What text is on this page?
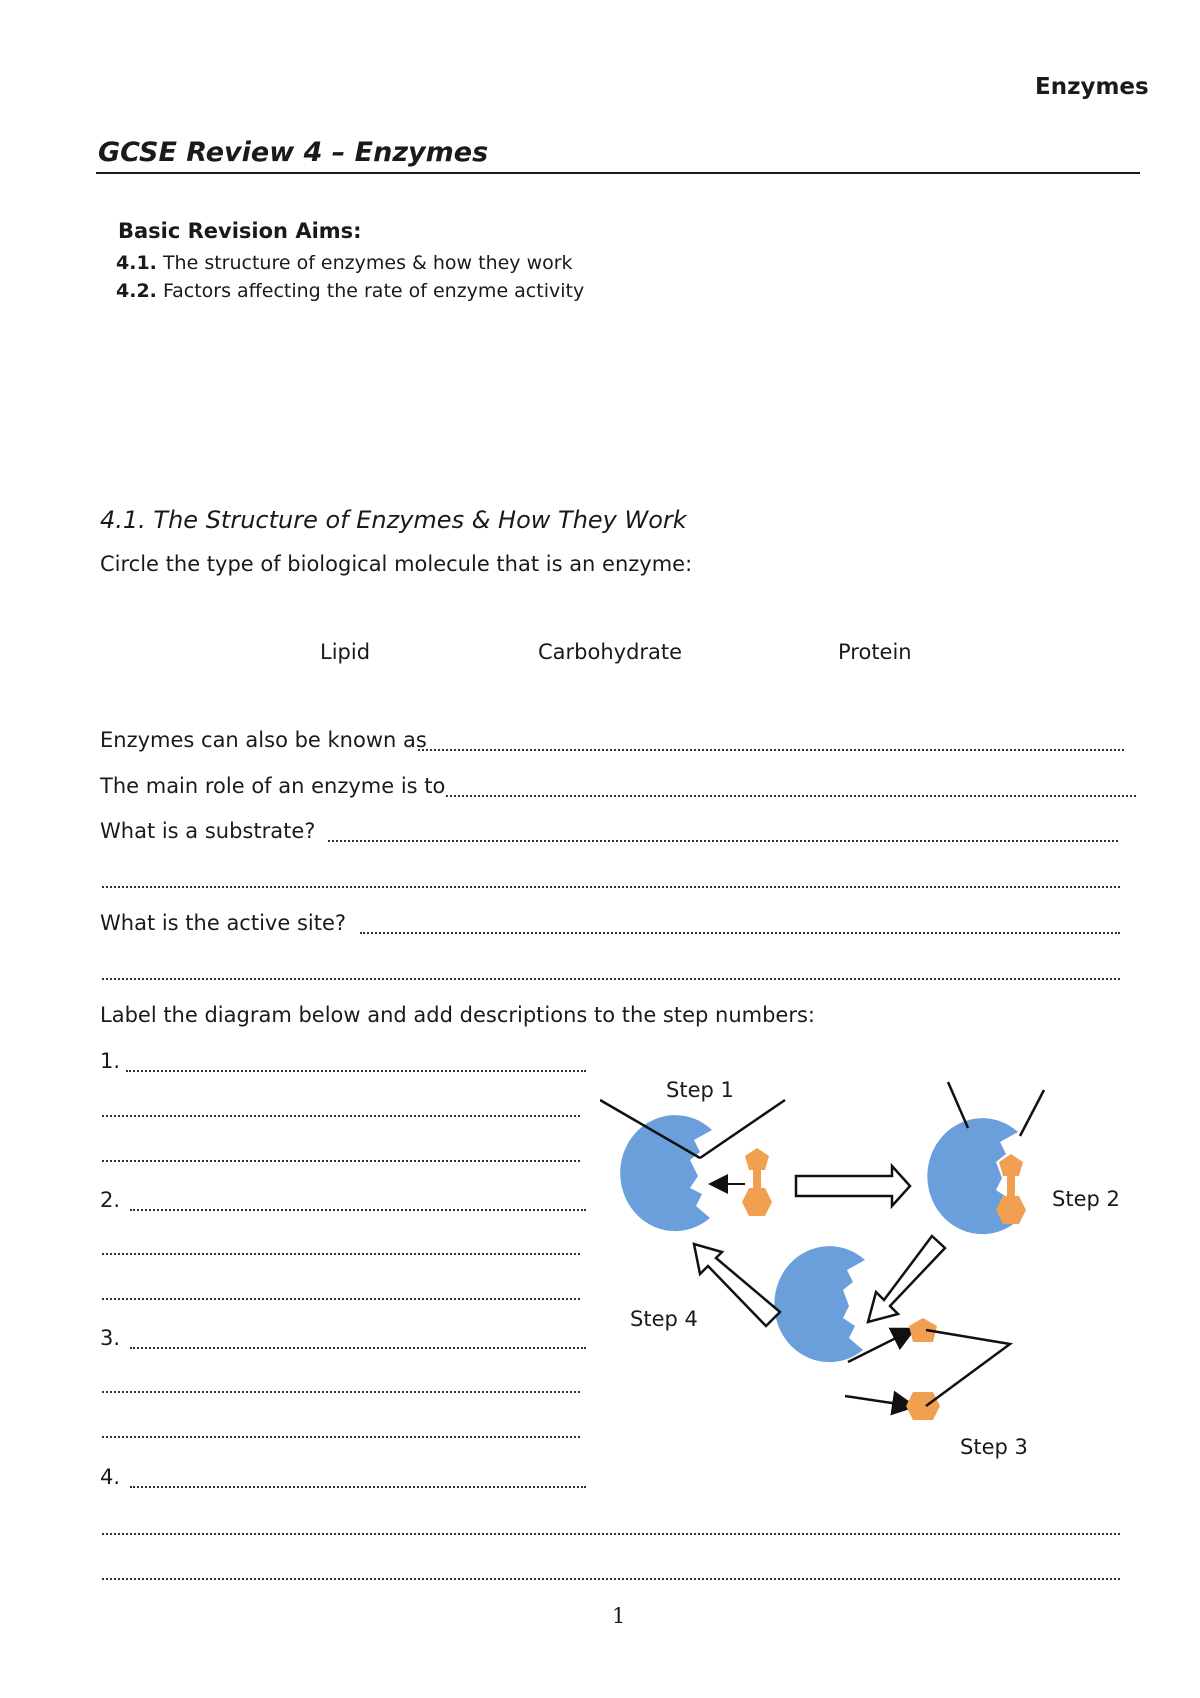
Enzymes
GCSE Review 4 – Enzymes
Basic Revision Aims:
4.1. The structure of enzymes & how they work
4.2. Factors affecting the rate of enzyme activity
4.1. The Structure of Enzymes & How They Work
Circle the type of biological molecule that is an enzyme:
Lipid	Carbohydrate	Protein
Enzymes can also be known as
The main role of an enzyme is to
What is a substrate?
What is the active site?
Label the diagram below and add descriptions to the step numbers:
1.
2.
3.
4.
Step 1
Step 2
Step 3
Step 4
1
